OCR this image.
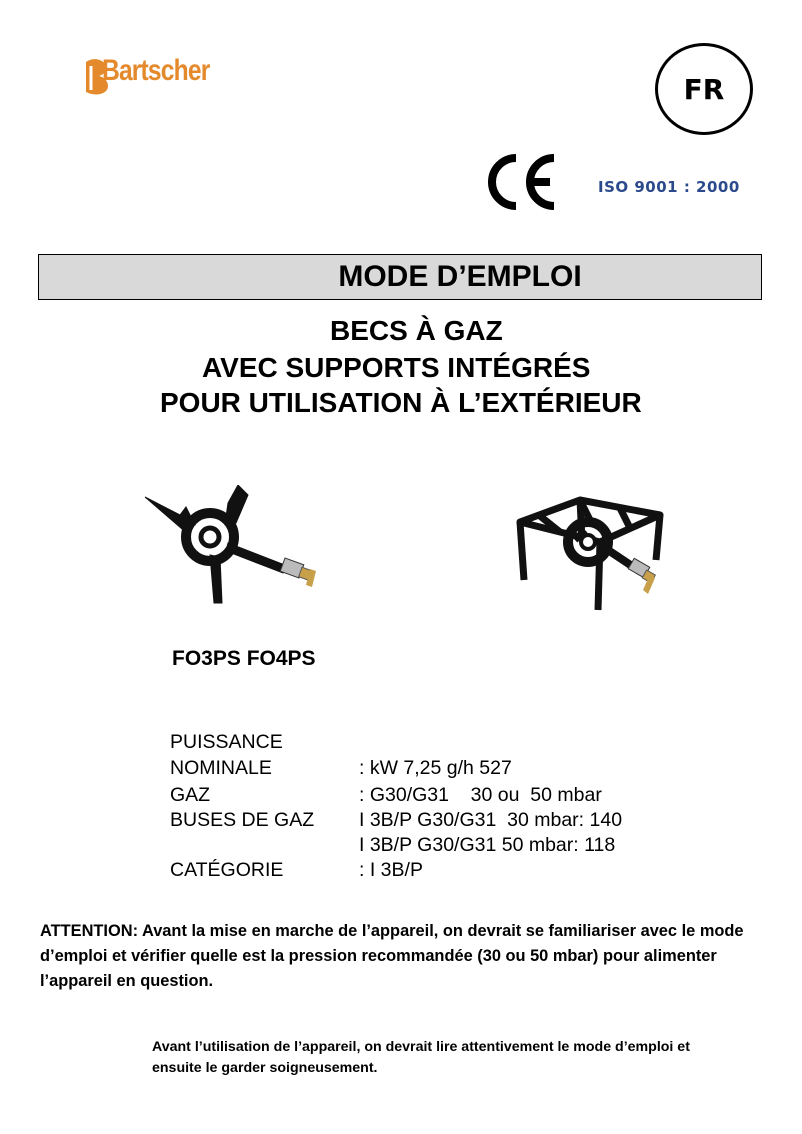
Bartscher
FR
ISO 9001 : 2000
MODE D’EMPLOI
BECS À GAZ
AVEC SUPPORTS INTÉGRÉS
POUR UTILISATION À L’EXTÉRIEUR
FO3PS FO4PS
PUISSANCE
NOMINALE	: kW 7,25 g/h 527
GAZ	: G30/G31    30 ou  50 mbar
BUSES DE GAZ I 3B/P G30/G31  30 mbar: 140
I 3B/P G30/G31 50 mbar: 118
CATÉGORIE	: I 3B/P
ATTENTION: Avant la mise en marche de l’appareil, on devrait se familiariser avec le mode d’emploi et vérifier quelle est la pression recommandée (30 ou 50 mbar) pour alimenter l’appareil en question.
Avant l’utilisation de l’appareil, on devrait lire attentivement le mode d’emploi et ensuite le garder soigneusement.
